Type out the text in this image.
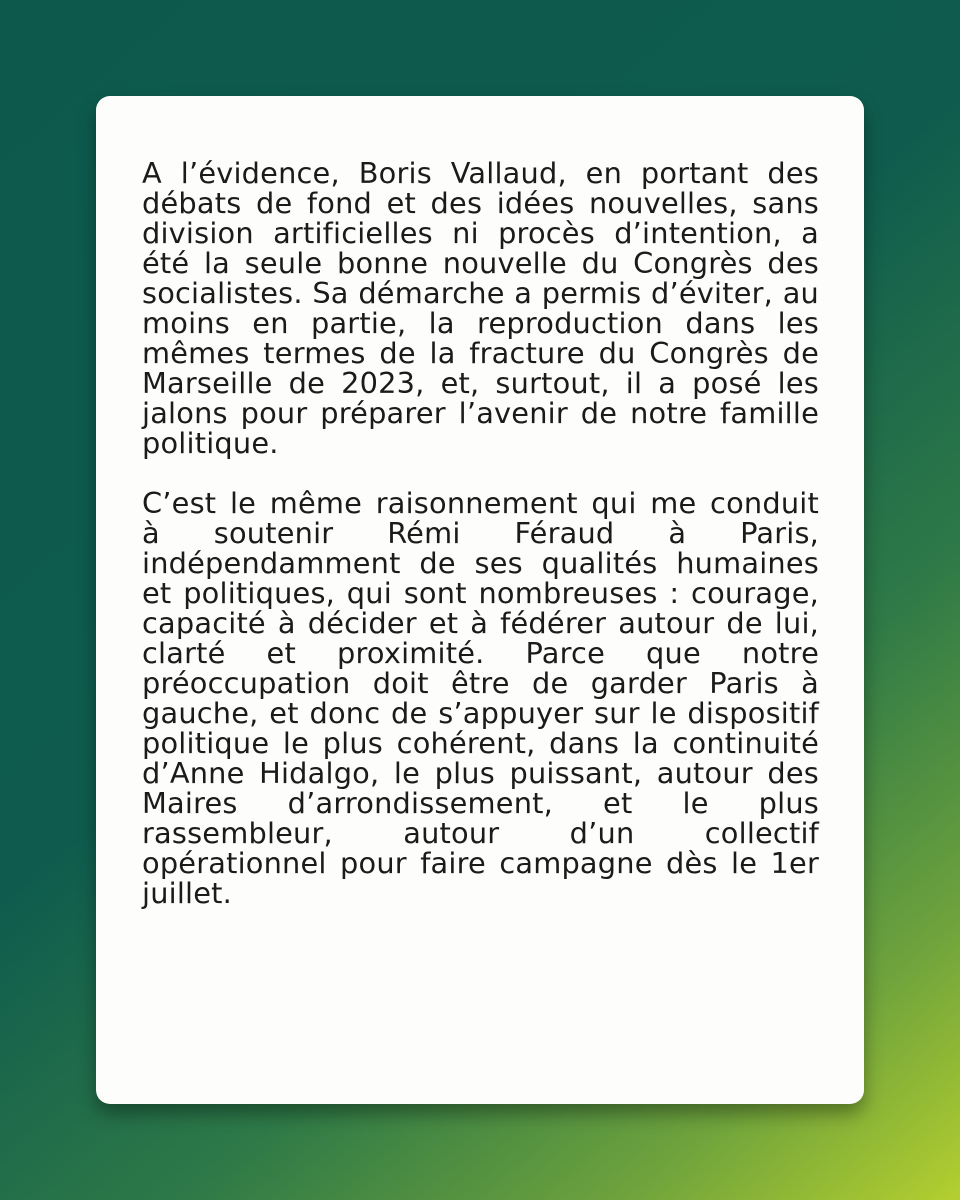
A l’évidence, Boris Vallaud, en portant des débats de fond et des idées nouvelles, sans division artificielles ni procès d’intention, a été la seule bonne nouvelle du Congrès des socialistes. Sa démarche a permis d’éviter, au moins en partie, la reproduction dans les mêmes termes de la fracture du Congrès de Marseille de 2023, et, surtout, il a posé les jalons pour préparer l’avenir de notre famille politique.

C’est le même raisonnement qui me conduit à soutenir Rémi Féraud à Paris, indépendamment de ses qualités humaines et politiques, qui sont nombreuses : courage, capacité à décider et à fédérer autour de lui, clarté et proximité. Parce que notre préoccupation doit être de garder Paris à gauche, et donc de s’appuyer sur le dispositif politique le plus cohérent, dans la continuité d’Anne Hidalgo, le plus puissant, autour des Maires d’arrondissement, et le plus rassembleur, autour d’un collectif opérationnel pour faire campagne dès le 1er juillet.
